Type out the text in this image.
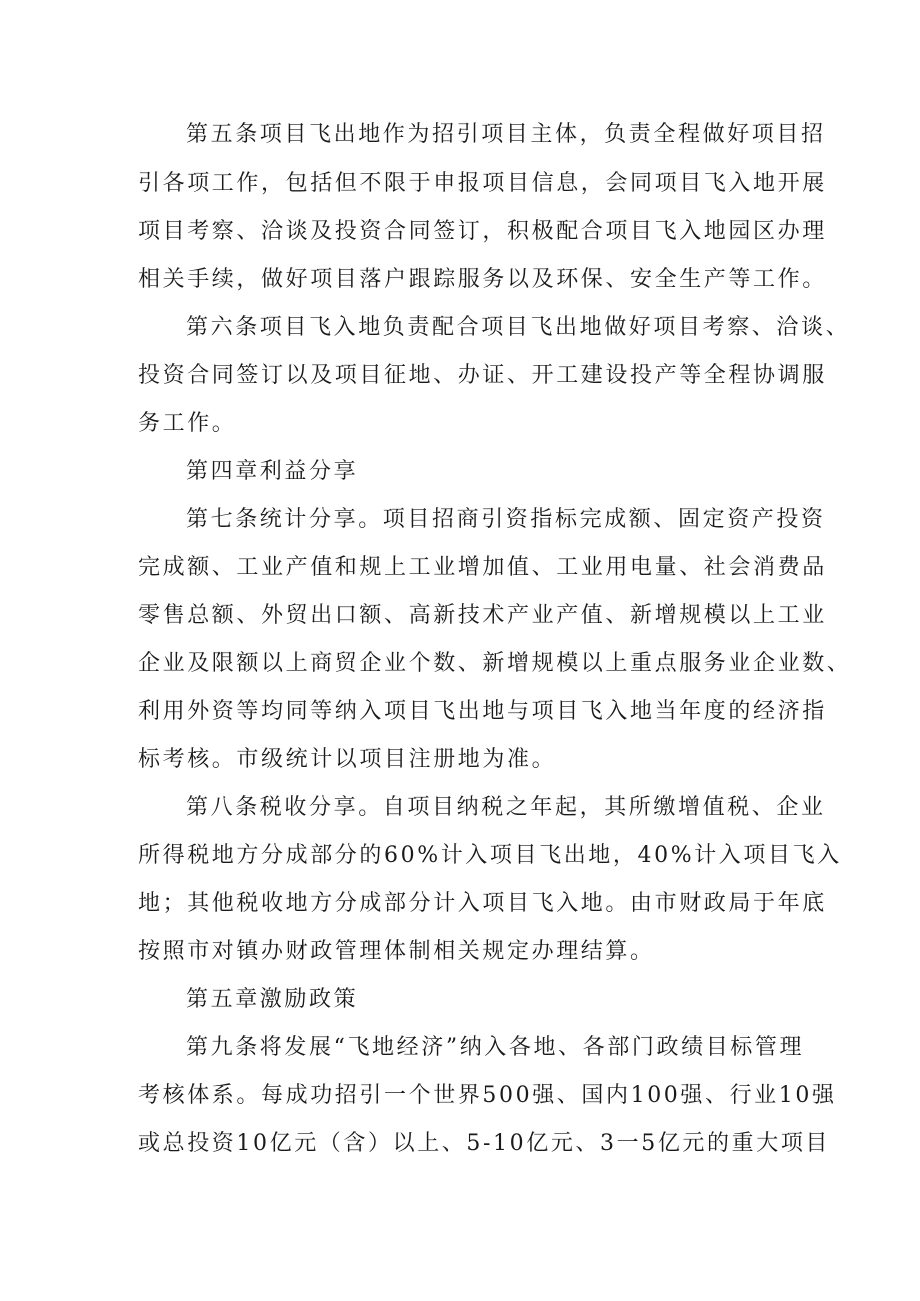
第五条项目飞出地作为招引项目主体，负责全程做好项目招
引各项工作，包括但不限于申报项目信息，会同项目飞入地开展
项目考察、洽谈及投资合同签订，积极配合项目飞入地园区办理
相关手续，做好项目落户跟踪服务以及环保、安全生产等工作。
第六条项目飞入地负责配合项目飞出地做好项目考察、洽谈、
投资合同签订以及项目征地、办证、开工建设投产等全程协调服
务工作。
第四章利益分享
第七条统计分享。项目招商引资指标完成额、固定资产投资
完成额、工业产值和规上工业增加值、工业用电量、社会消费品
零售总额、外贸出口额、高新技术产业产值、新增规模以上工业
企业及限额以上商贸企业个数、新增规模以上重点服务业企业数、
利用外资等均同等纳入项目飞出地与项目飞入地当年度的经济指
标考核。市级统计以项目注册地为准。
第八条税收分享。自项目纳税之年起，其所缴增值税、企业
所得税地方分成部分的60%计入项目飞出地，40%计入项目飞入
地；其他税收地方分成部分计入项目飞入地。由市财政局于年底
按照市对镇办财政管理体制相关规定办理结算。
第五章激励政策
第九条将发展“飞地经济”纳入各地、各部门政绩目标管理
考核体系。每成功招引一个世界500强、国内100强、行业10强
或总投资10亿元（含）以上、5-10亿元、3一5亿元的重大项目
